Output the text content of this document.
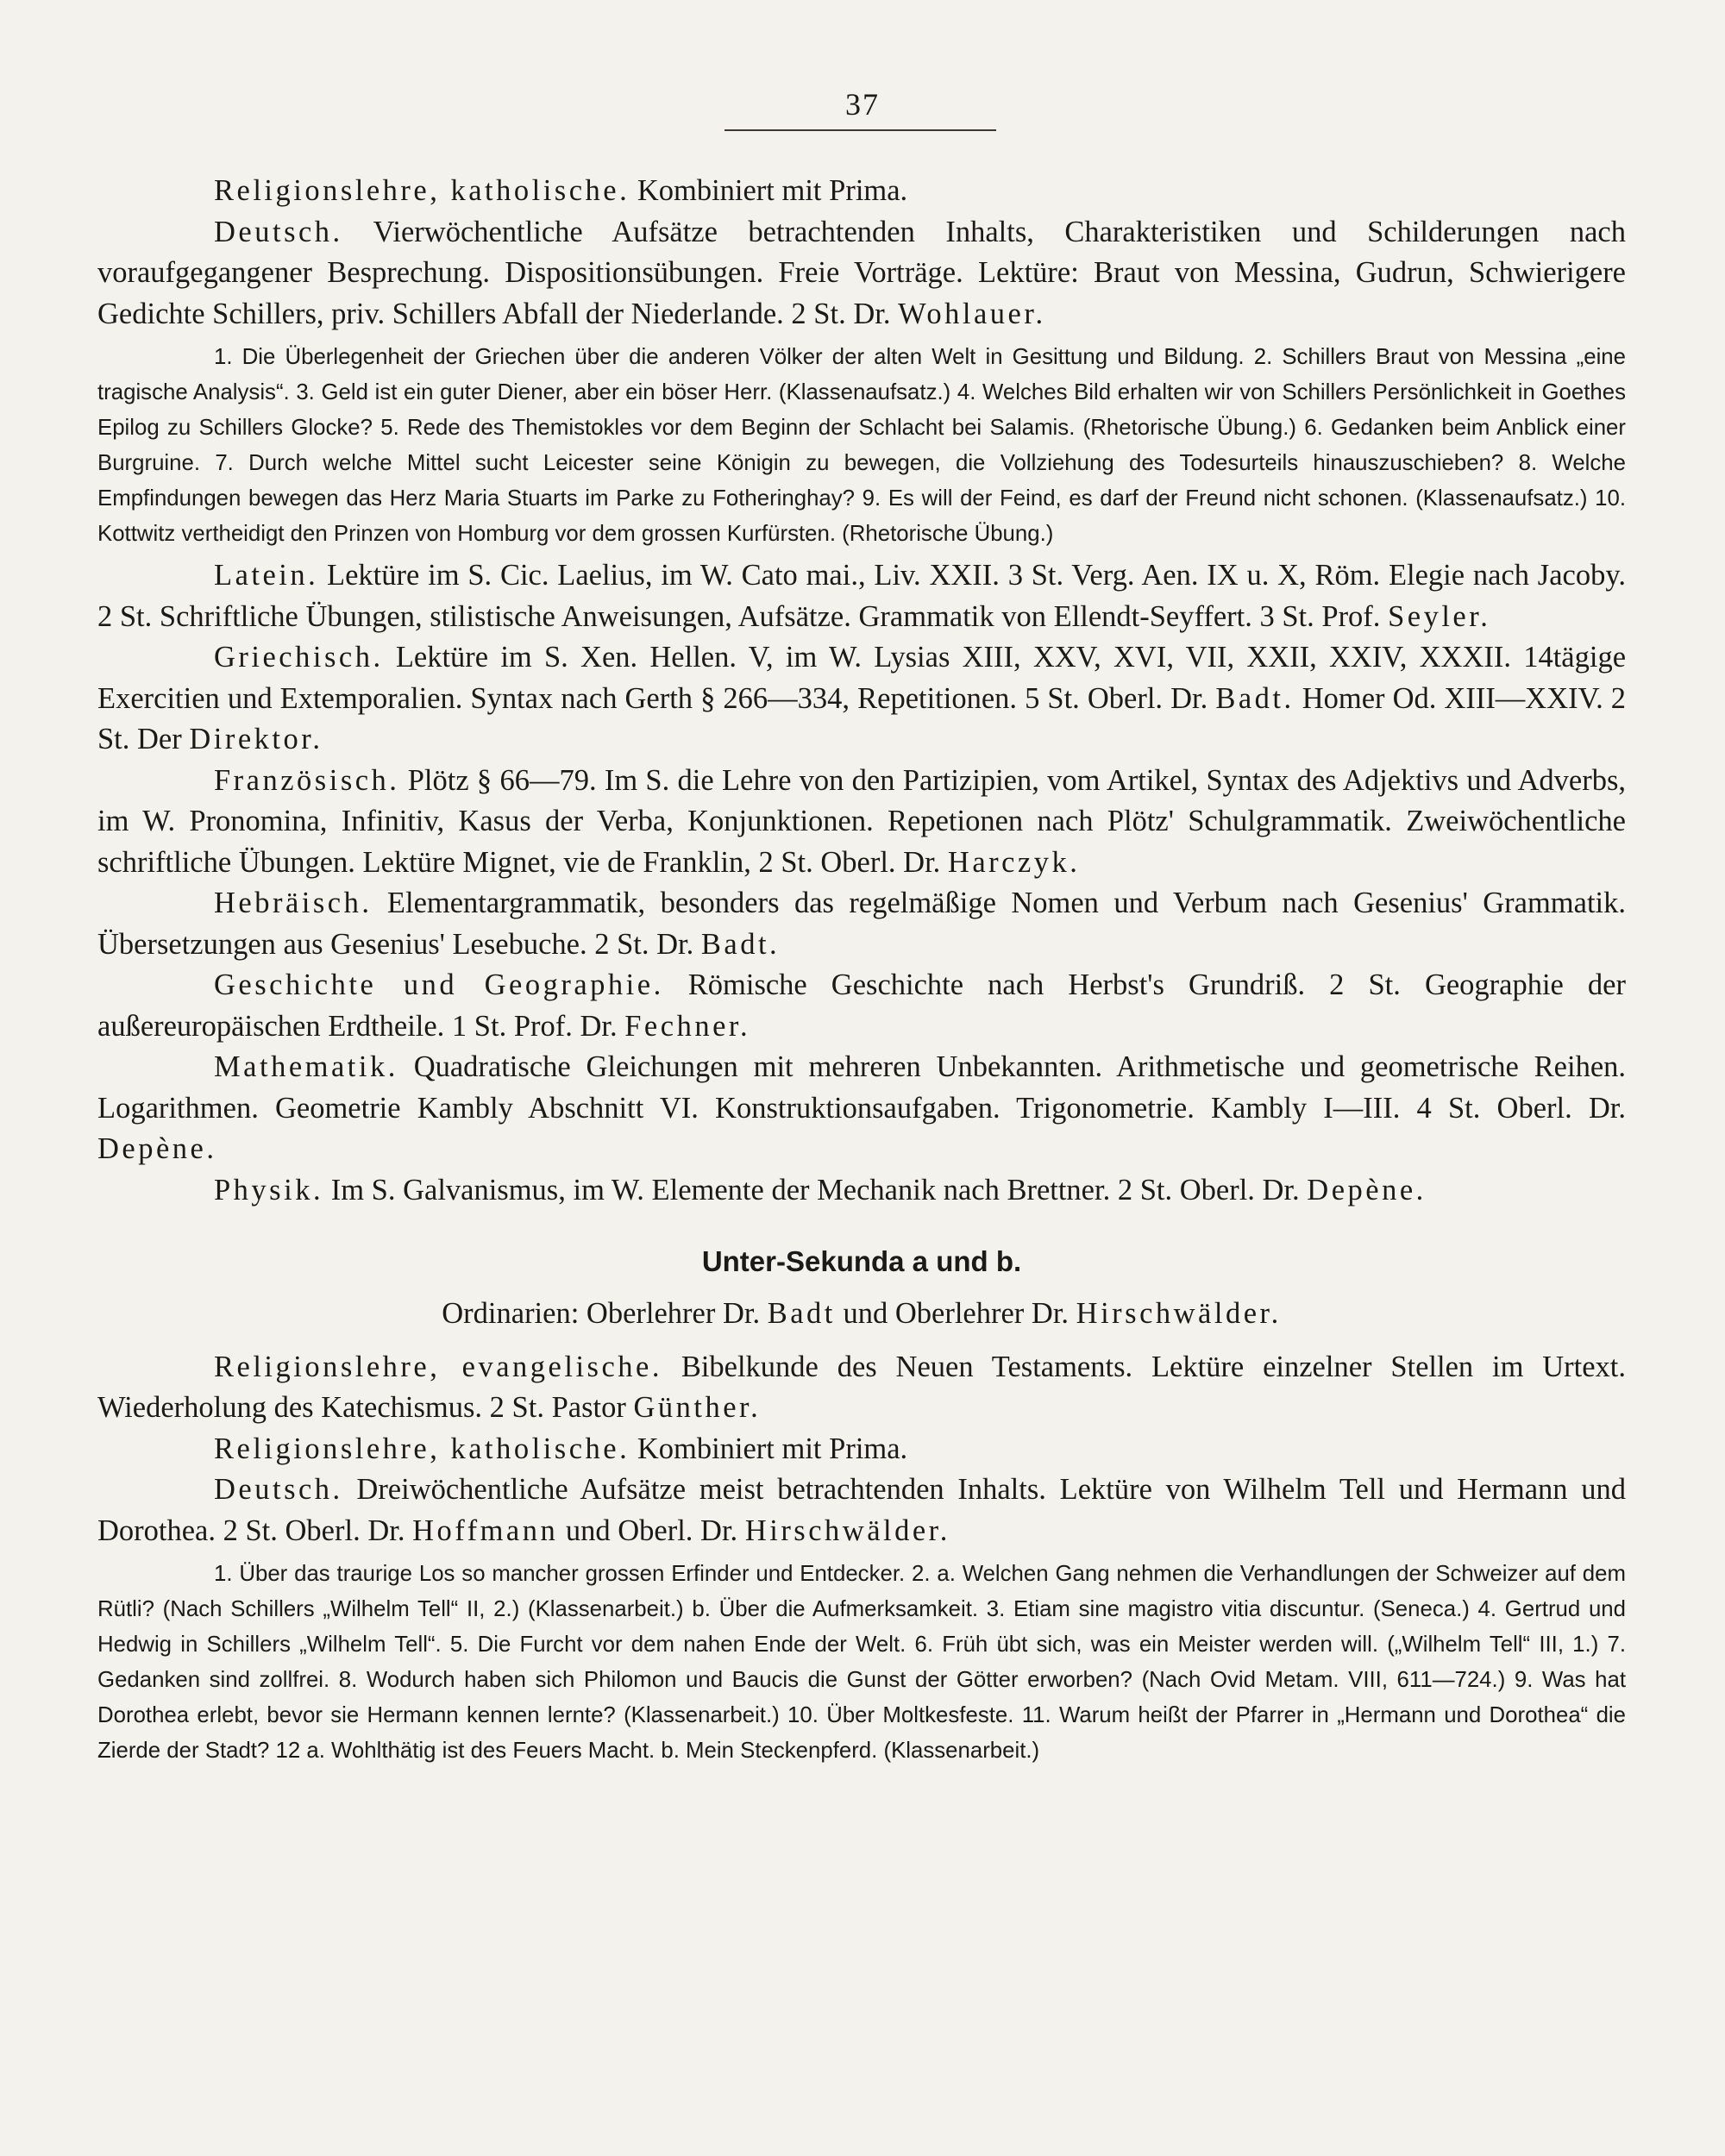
37

Religionslehre, katholische. Kombiniert mit Prima.

Deutsch. Vierwöchentliche Aufsätze betrachtenden Inhalts, Charakteristiken und Schilderungen nach voraufgegangener Besprechung. Dispositionsübungen. Freie Vorträge. Lektüre: Braut von Messina, Gudrun, Schwierigere Gedichte Schillers, priv. Schillers Abfall der Niederlande. 2 St. Dr. Wohlauer.

1. Die Überlegenheit der Griechen über die anderen Völker der alten Welt in Gesittung und Bildung. 2. Schillers Braut von Messina „eine tragische Analysis“. 3. Geld ist ein guter Diener, aber ein böser Herr. (Klassenaufsatz.) 4. Welches Bild erhalten wir von Schillers Persönlichkeit in Goethes Epilog zu Schillers Glocke? 5. Rede des Themistokles vor dem Beginn der Schlacht bei Salamis. (Rhetorische Übung.) 6. Gedanken beim Anblick einer Burgruine. 7. Durch welche Mittel sucht Leicester seine Königin zu bewegen, die Vollziehung des Todesurteils hinauszuschieben? 8. Welche Empfindungen bewegen das Herz Maria Stuarts im Parke zu Fotheringhay? 9. Es will der Feind, es darf der Freund nicht schonen. (Klassenaufsatz.) 10. Kottwitz vertheidigt den Prinzen von Homburg vor dem grossen Kurfürsten. (Rhetorische Übung.)

Latein. Lektüre im S. Cic. Laelius, im W. Cato mai., Liv. XXII. 3 St. Verg. Aen. IX u. X, Röm. Elegie nach Jacoby. 2 St. Schriftliche Übungen, stilistische Anweisungen, Aufsätze. Grammatik von Ellendt-Seyffert. 3 St. Prof. Seyler.

Griechisch. Lektüre im S. Xen. Hellen. V, im W. Lysias XIII, XXV, XVI, VII, XXII, XXIV, XXXII. 14tägige Exercitien und Extemporalien. Syntax nach Gerth § 266—334, Repetitionen. 5 St. Oberl. Dr. Badt. Homer Od. XIII—XXIV. 2 St. Der Direktor.

Französisch. Plötz § 66—79. Im S. die Lehre von den Partizipien, vom Artikel, Syntax des Adjektivs und Adverbs, im W. Pronomina, Infinitiv, Kasus der Verba, Konjunktionen. Repetionen nach Plötz' Schulgrammatik. Zweiwöchentliche schriftliche Übungen. Lektüre Mignet, vie de Franklin, 2 St. Oberl. Dr. Harczyk.

Hebräisch. Elementargrammatik, besonders das regelmäßige Nomen und Verbum nach Gesenius' Grammatik. Übersetzungen aus Gesenius' Lesebuche. 2 St. Dr. Badt.

Geschichte und Geographie. Römische Geschichte nach Herbst's Grundriß. 2 St. Geographie der außereuropäischen Erdtheile. 1 St. Prof. Dr. Fechner.

Mathematik. Quadratische Gleichungen mit mehreren Unbekannten. Arithmetische und geometrische Reihen. Logarithmen. Geometrie Kambly Abschnitt VI. Konstruktionsaufgaben. Trigonometrie. Kambly I—III. 4 St. Oberl. Dr. Depène.

Physik. Im S. Galvanismus, im W. Elemente der Mechanik nach Brettner. 2 St. Oberl. Dr. Depène.

Unter-Sekunda a und b.

Ordinarien: Oberlehrer Dr. Badt und Oberlehrer Dr. Hirschwälder.

Religionslehre, evangelische. Bibelkunde des Neuen Testaments. Lektüre einzelner Stellen im Urtext. Wiederholung des Katechismus. 2 St. Pastor Günther.

Religionslehre, katholische. Kombiniert mit Prima.

Deutsch. Dreiwöchentliche Aufsätze meist betrachtenden Inhalts. Lektüre von Wilhelm Tell und Hermann und Dorothea. 2 St. Oberl. Dr. Hoffmann und Oberl. Dr. Hirschwälder.

1. Über das traurige Los so mancher grossen Erfinder und Entdecker. 2. a. Welchen Gang nehmen die Verhandlungen der Schweizer auf dem Rütli? (Nach Schillers „Wilhelm Tell“ II, 2.) (Klassenarbeit.) b. Über die Aufmerksamkeit. 3. Etiam sine magistro vitia discuntur. (Seneca.) 4. Gertrud und Hedwig in Schillers „Wilhelm Tell“. 5. Die Furcht vor dem nahen Ende der Welt. 6. Früh übt sich, was ein Meister werden will. („Wilhelm Tell“ III, 1.) 7. Gedanken sind zollfrei. 8. Wodurch haben sich Philomon und Baucis die Gunst der Götter erworben? (Nach Ovid Metam. VIII, 611—724.) 9. Was hat Dorothea erlebt, bevor sie Hermann kennen lernte? (Klassenarbeit.) 10. Über Moltkesfeste. 11. Warum heißt der Pfarrer in „Hermann und Dorothea“ die Zierde der Stadt? 12 a. Wohlthätig ist des Feuers Macht. b. Mein Steckenpferd. (Klassenarbeit.)
